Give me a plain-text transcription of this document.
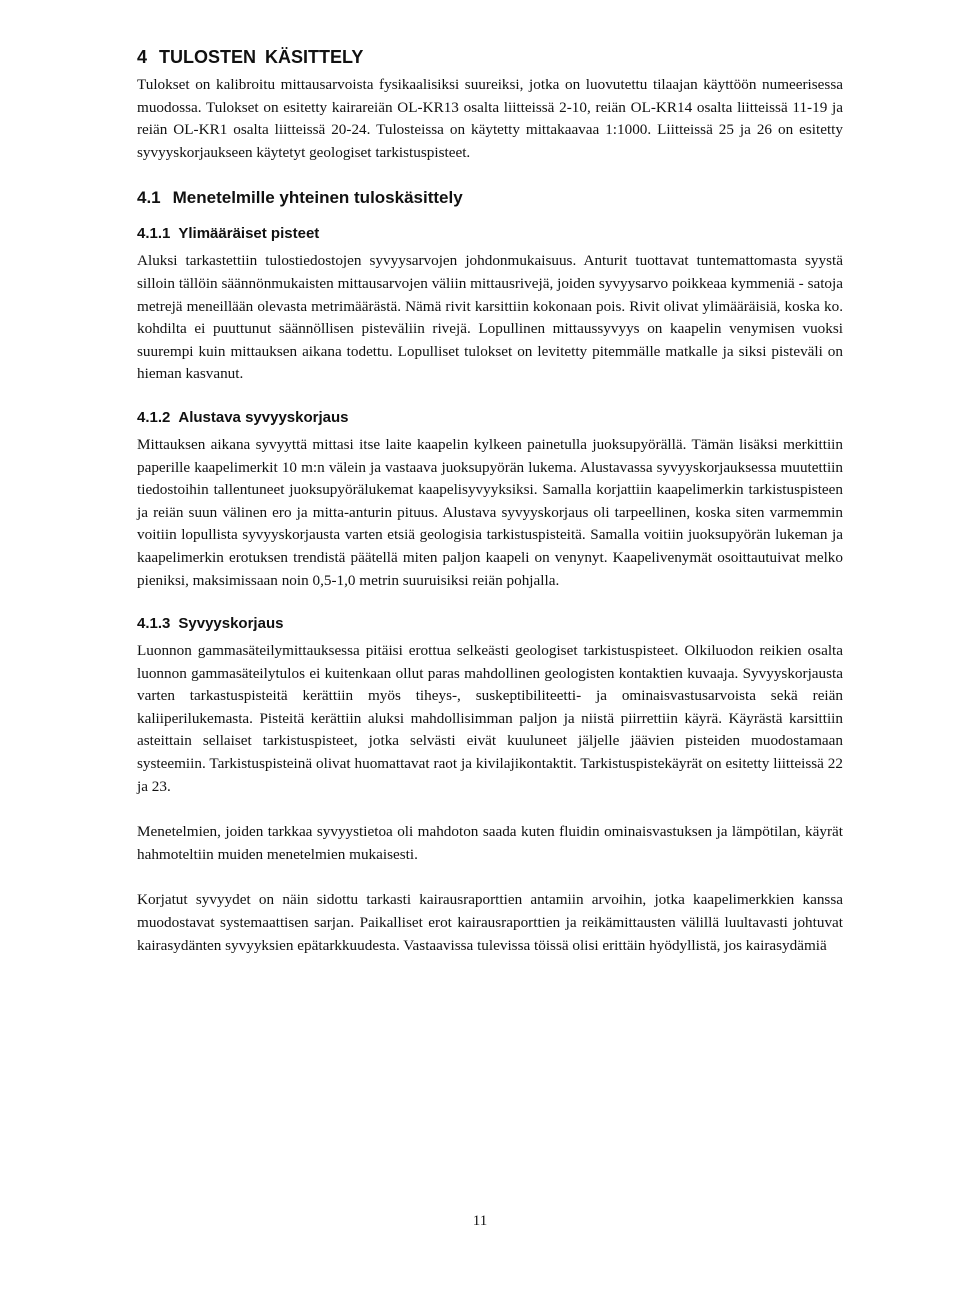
4 TULOSTEN KÄSITTELY

Tulokset on kalibroitu mittausarvoista fysikaalisiksi suureiksi, jotka on luovutettu tilaajan käyttöön numeerisessa muodossa. Tulokset on esitetty kairareiän OL-KR13 osalta liitteissä 2-10, reiän OL-KR14 osalta liitteissä 11-19 ja reiän OL-KR1 osalta liitteissä 20-24. Tulosteissa on käytetty mittakaavaa 1:1000. Liitteissä 25 ja 26 on esitetty syvyyskorjaukseen käytetyt geologiset tarkistuspisteet.

4.1 Menetelmille yhteinen tuloskäsittely
4.1.1 Ylimääräiset pisteet

Aluksi tarkastettiin tulostiedostojen syvyysarvojen johdonmukaisuus. Anturit tuottavat tuntemattomasta syystä silloin tällöin säännönmukaisten mittausarvojen väliin mittausrivejä, joiden syvyysarvo poikkeaa kymmeniä - satoja metrejä meneillään olevasta metrimäärästä. Nämä rivit karsittiin kokonaan pois. Rivit olivat ylimääräisiä, koska ko. kohdilta ei puuttunut säännöllisen pisteväliin rivejä. Lopullinen mittaussyvyys on kaapelin venymisen vuoksi suurempi kuin mittauksen aikana todettu. Lopulliset tulokset on levitetty pitemmälle matkalle ja siksi pisteväli on hieman kasvanut.

4.1.2 Alustava syvyyskorjaus

Mittauksen aikana syvyyttä mittasi itse laite kaapelin kylkeen painetulla juoksupyörällä. Tämän lisäksi merkittiin paperille kaapelimerkit 10 m:n välein ja vastaava juoksupyörän lukema. Alustavassa syvyyskorjauksessa muutettiin tiedostoihin tallentuneet juoksupyörälukemat kaapelisyvyyksiksi. Samalla korjattiin kaapelimerkin tarkistuspisteen ja reiän suun välinen ero ja mitta-anturin pituus. Alustava syvyyskorjaus oli tarpeellinen, koska siten varmemmin voitiin lopullista syvyyskorjausta varten etsiä geologisia tarkistuspisteitä. Samalla voitiin juoksupyörän lukeman ja kaapelimerkin erotuksen trendistä päätellä miten paljon kaapeli on venynyt. Kaapelivenymät osoittautuivat melko pieniksi, maksimissaan noin 0,5-1,0 metrin suuruisiksi reiän pohjalla.

4.1.3 Syvyyskorjaus

Luonnon gammasäteilymittauksessa pitäisi erottua selkeästi geologiset tarkistuspisteet. Olkiluodon reikien osalta luonnon gammasäteilytulos ei kuitenkaan ollut paras mahdollinen geologisten kontaktien kuvaaja. Syvyyskorjausta varten tarkastuspisteitä kerättiin myös tiheys-, suskeptibiliteetti- ja ominaisvastusarvoista sekä reiän kaliiperilukemasta. Pisteitä kerättiin aluksi mahdollisimman paljon ja niistä piirrettiin käyrä. Käyrästä karsittiin asteittain sellaiset tarkistuspisteet, jotka selvästi eivät kuuluneet jäljelle jäävien pisteiden muodostamaan systeemiin. Tarkistuspisteinä olivat huomattavat raot ja kivilajikontaktit. Tarkistuspistekäyrät on esitetty liitteissä 22 ja 23.

Menetelmien, joiden tarkkaa syvyystietoa oli mahdoton saada kuten fluidin ominaisvastuksen ja lämpötilan, käyrät hahmoteltiin muiden menetelmien mukaisesti.

Korjatut syvyydet on näin sidottu tarkasti kairausraporttien antamiin arvoihin, jotka kaapelimerkkien kanssa muodostavat systemaattisen sarjan. Paikalliset erot kairausraporttien ja reikämittausten välillä luultavasti johtuvat kairasydänten syvyyksien epätarkkuudesta. Vastaavissa tulevissa töissä olisi erittäin hyödyllistä, jos kairasydämiä

11
